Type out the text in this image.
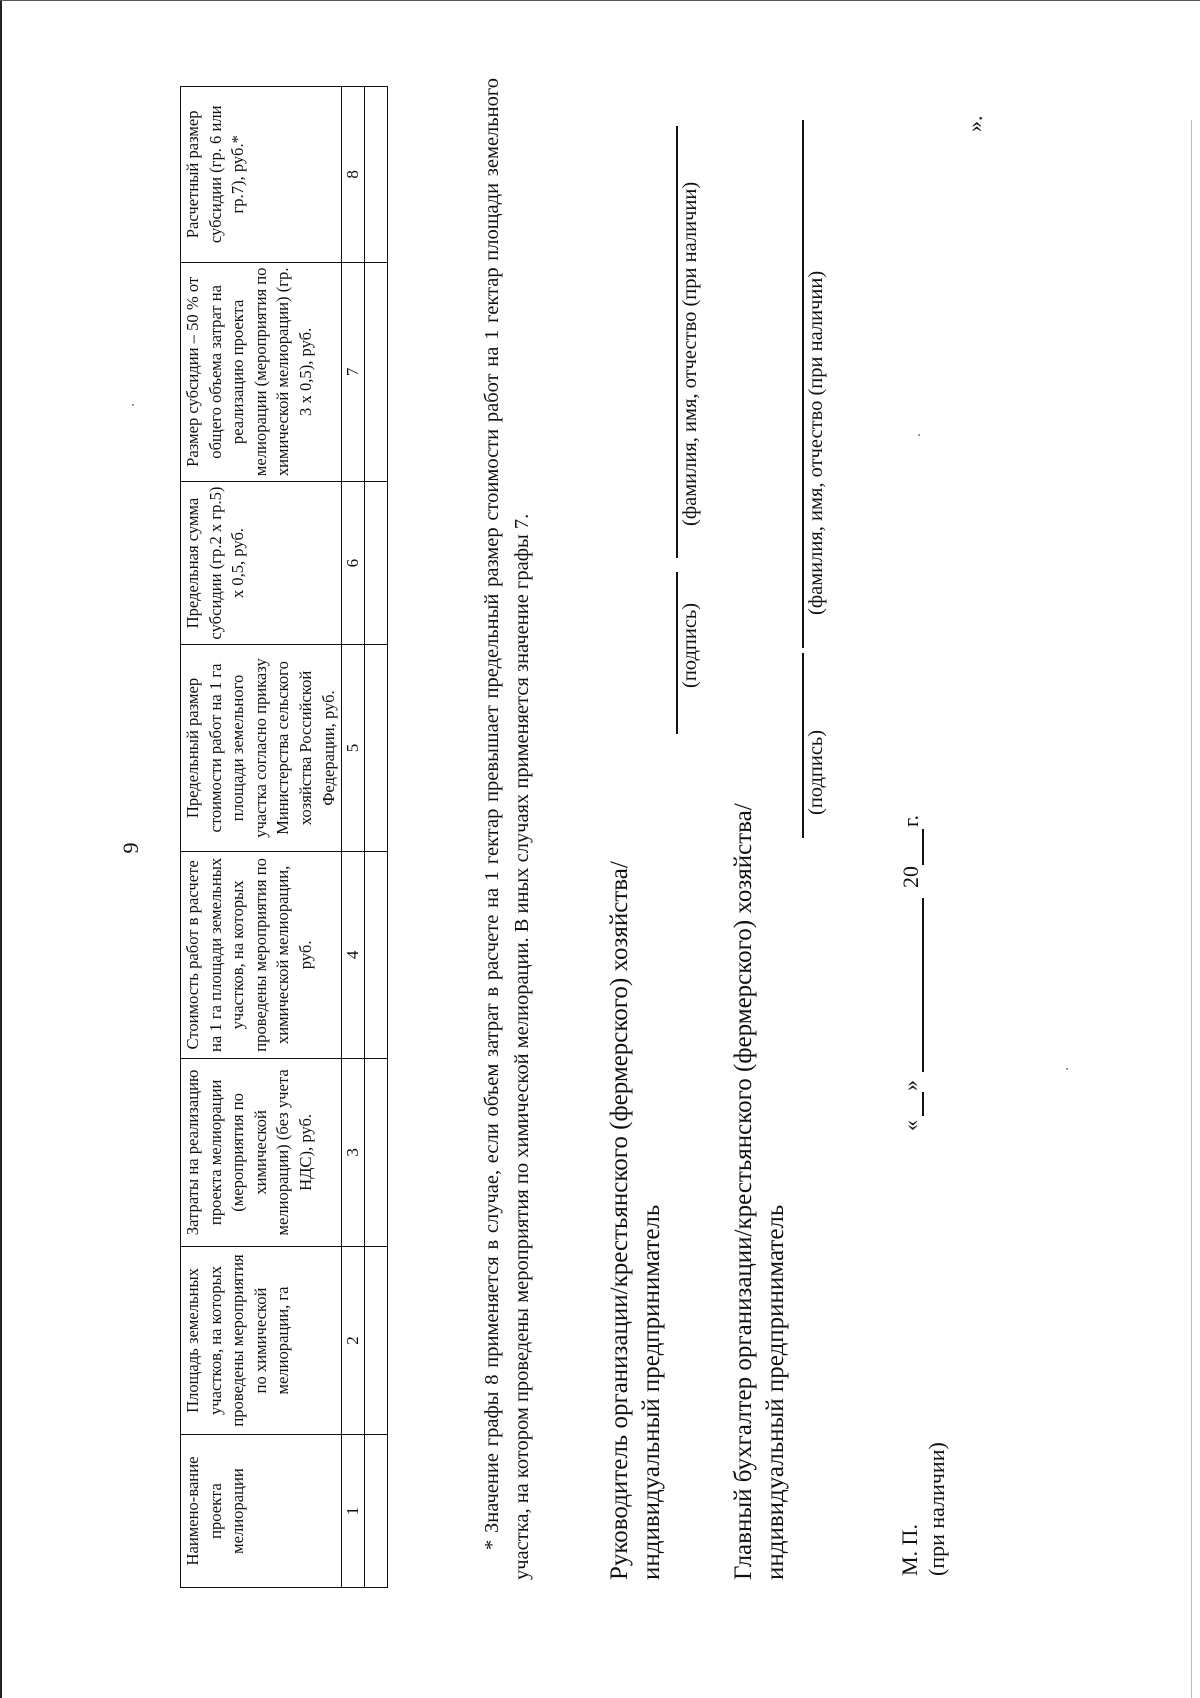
9
Наимено-вание проекта мелиорации	Площадь земельных участков, на которых проведены мероприятия по химической мелиорации, га	Затраты на реализацию проекта мелиорации (мероприятия по химической мелиорации) (без учета НДС), руб.	Стоимость работ в расчете на 1 га площади земельных участков, на которых проведены мероприятия по химической мелиорации, руб.	Предельный размер стоимости работ на 1 га площади земельного участка согласно приказу Министерства сельского хозяйства Российской Федерации, руб.	Предельная сумма субсидии (гр.2 х гр.5) х 0,5, руб.	Размер субсидии – 50 % от общего объема затрат на реализацию проекта мелиорации (мероприятия по химической мелиорации) (гр. 3 х 0,5), руб.	Расчетный размер субсидии (гр. 6 или гр.7), руб.*
1	2	3	4	5	6	7	8
								* Значение графы 8 применяется в случае, если объем затрат в расчете на 1 гектар превышает предельный размер стоимости работ на 1 гектар площади земельного участка, на котором проведены мероприятия по химической мелиорации. В иных случаях применяется значение графы 7.	Руководитель организации/крестьянского (фермерского) хозяйства/ индивидуальный предприниматель

(подпись)
(фамилия, имя, отчество (при наличии)

Главный бухгалтер организации/крестьянского (фермерского) хозяйства/ индивидуальный предприниматель

(подпись)
(фамилия, имя, отчество (при наличии)
М. П. (при наличии)
«
»
20
г.
».
